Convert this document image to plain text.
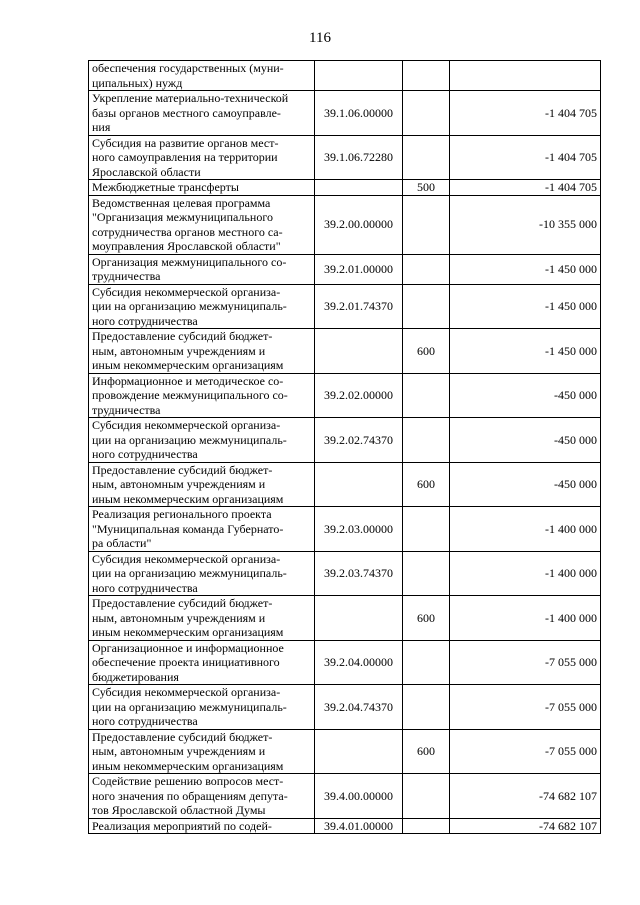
116
обеспечения государственных (муни-
ципальных) нужд			

Укрепление материально-технической
базы органов местного самоуправле-
ния	39.1.06.00000		-1 404 705

Субсидия на развитие органов мест-
ного самоуправления на территории
Ярославской области	39.1.06.72280		-1 404 705

Межбюджетные трансферты		500	-1 404 705

Ведомственная целевая программа
"Организация межмуниципального
сотрудничества органов местного са-
моуправления Ярославской области"	39.2.00.00000		-10 355 000

Организация межмуниципального со-
трудничества	39.2.01.00000		-1 450 000

Субсидия некоммерческой организа-
ции на организацию межмуниципаль-
ного сотрудничества	39.2.01.74370		-1 450 000

Предоставление субсидий бюджет-
ным, автономным учреждениям и
иным некоммерческим организациям		600	-1 450 000

Информационное и методическое со-
провождение межмуниципального со-
трудничества	39.2.02.00000		-450 000

Субсидия некоммерческой организа-
ции на организацию межмуниципаль-
ного сотрудничества	39.2.02.74370		-450 000

Предоставление субсидий бюджет-
ным, автономным учреждениям и
иным некоммерческим организациям		600	-450 000

Реализация регионального проекта
"Муниципальная команда Губернато-
ра области"	39.2.03.00000		-1 400 000

Субсидия некоммерческой организа-
ции на организацию межмуниципаль-
ного сотрудничества	39.2.03.74370		-1 400 000

Предоставление субсидий бюджет-
ным, автономным учреждениям и
иным некоммерческим организациям		600	-1 400 000

Организационное и информационное
обеспечение проекта инициативного
бюджетирования	39.2.04.00000		-7 055 000

Субсидия некоммерческой организа-
ции на организацию межмуниципаль-
ного сотрудничества	39.2.04.74370		-7 055 000

Предоставление субсидий бюджет-
ным, автономным учреждениям и
иным некоммерческим организациям		600	-7 055 000

Содействие решению вопросов мест-
ного значения по обращениям депута-
тов Ярославской областной Думы	39.4.00.00000		-74 682 107

Реализация мероприятий по содей-	39.4.01.00000		-74 682 107
